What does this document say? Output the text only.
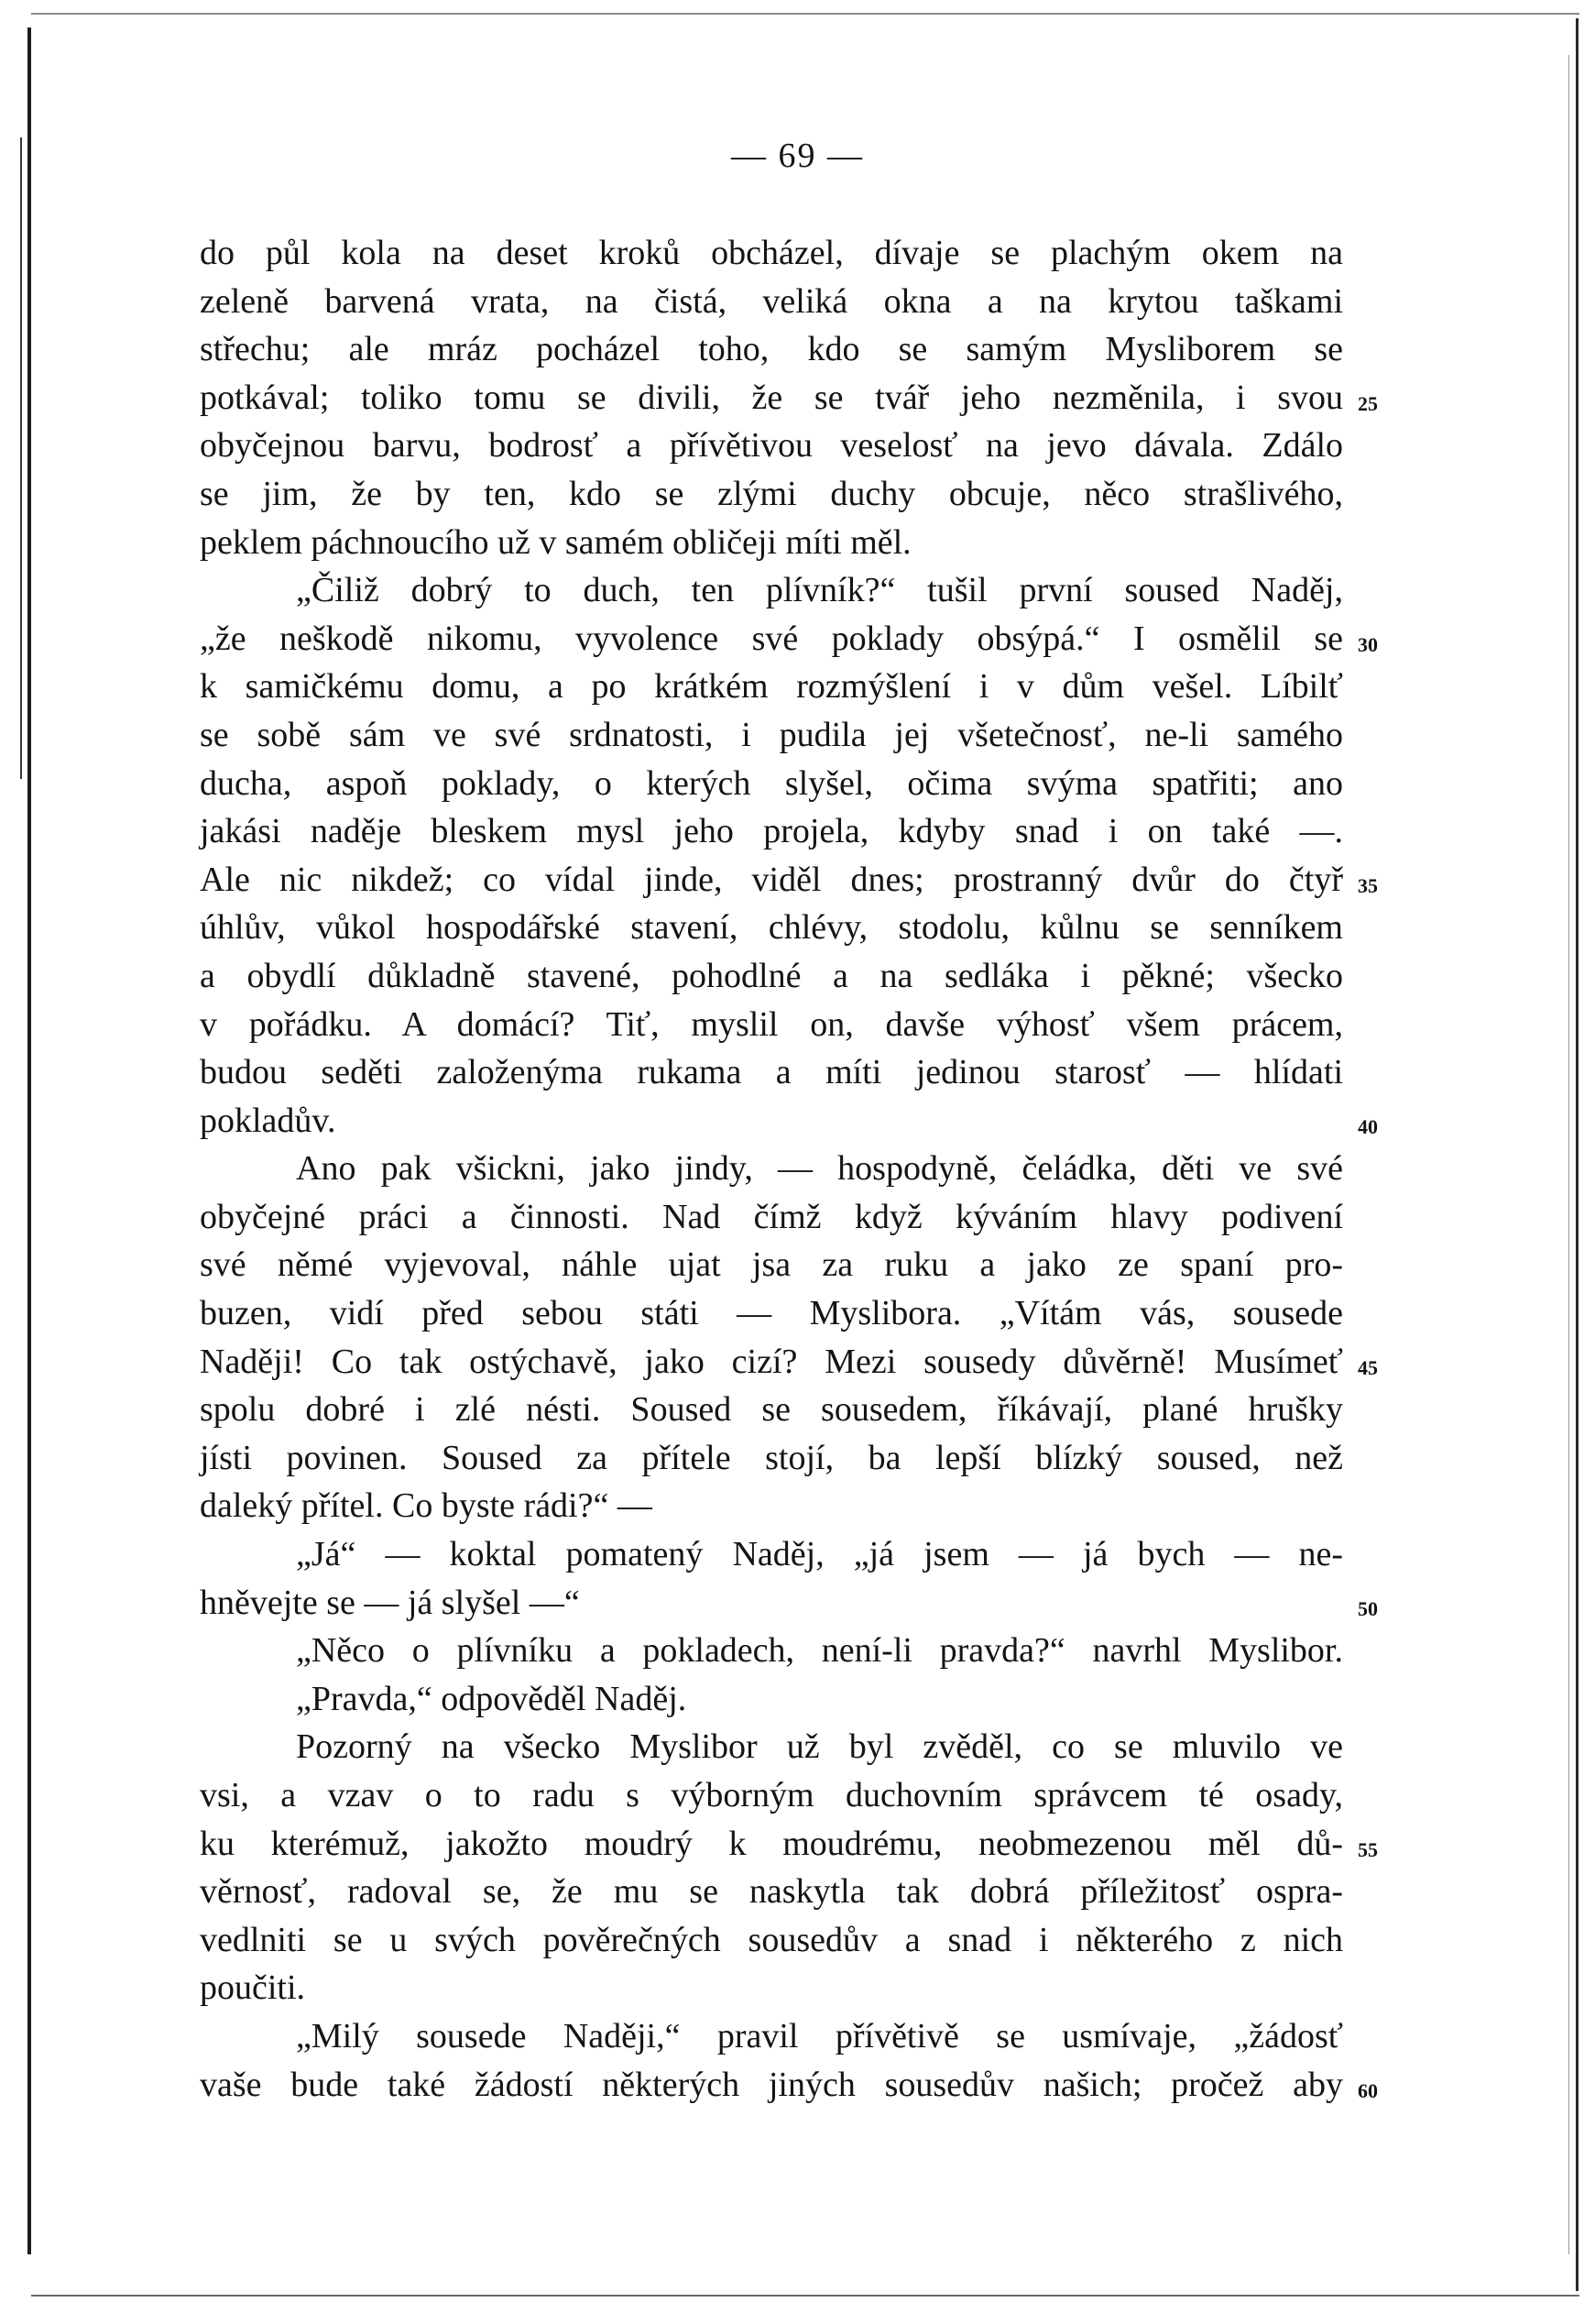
— 69 —
do půl kola na deset kroků obcházel, dívaje se plachým okem na
zeleně barvená vrata, na čistá, veliká okna a na krytou taškami
střechu; ale mráz pocházel toho, kdo se samým Mysliborem se
potkával; toliko tomu se divili, že se tvář jeho nezměnila, i svou 25
obyčejnou barvu, bodrosť a přívětivou veselosť na jevo dávala. Zdálo
se jim, že by ten, kdo se zlými duchy obcuje, něco strašlivého,
peklem páchnoucího už v samém obličeji míti měl.
„Čiliž dobrý to duch, ten plívník?“ tušil první soused Naděj,
„že neškodě nikomu, vyvolence své poklady obsýpá.“ I osmělil se 30
k samičkému domu, a po krátkém rozmýšlení i v dům vešel. Líbilť
se sobě sám ve své srdnatosti, i pudila jej všetečnosť, ne-li samého
ducha, aspoň poklady, o kterých slyšel, očima svýma spatřiti; ano
jakási naděje bleskem mysl jeho projela, kdyby snad i on také —.
Ale nic nikdež; co vídal jinde, viděl dnes; prostranný dvůr do čtyř 35
úhlův, vůkol hospodářské stavení, chlévy, stodolu, kůlnu se senníkem
a obydlí důkladně stavené, pohodlné a na sedláka i pěkné; všecko
v pořádku. A domácí? Tiť, myslil on, davše výhosť všem prácem,
budou seděti založenýma rukama a míti jedinou starosť — hlídati
pokladův.	40
Ano pak všickni, jako jindy, — hospodyně, čeládka, děti ve své
obyčejné práci a činnosti. Nad čímž když kýváním hlavy podivení
své němé vyjevoval, náhle ujat jsa za ruku a jako ze spaní pro-
buzen, vidí před sebou státi — Myslibora. „Vítám vás, sousede
Naději! Co tak ostýchavě, jako cizí? Mezi sousedy důvěrně! Musímeť 45
spolu dobré i zlé nésti. Soused se sousedem, říkávají, plané hrušky
jísti povinen. Soused za přítele stojí, ba lepší blízký soused, než
daleký přítel. Co byste rádi?“ —
„Já“ — koktal pomatený Naděj, „já jsem — já bych — ne-
hněvejte se — já slyšel —“	50
„Něco o plívníku a pokladech, není-li pravda?“ navrhl Myslibor.
„Pravda,“ odpověděl Naděj.
Pozorný na všecko Myslibor už byl zvěděl, co se mluvilo ve
vsi, a vzav o to radu s výborným duchovním správcem té osady,
ku kterémuž, jakožto moudrý k moudrému, neobmezenou měl dů- 55
věrnosť, radoval se, že mu se naskytla tak dobrá příležitosť ospra-
vedlniti se u svých pověrečných sousedův a snad i některého z nich
poučiti.
„Milý sousede Naději,“ pravil přívětivě se usmívaje, „žádosť
vaše bude také žádostí některých jiných sousedův našich; pročež aby 60
